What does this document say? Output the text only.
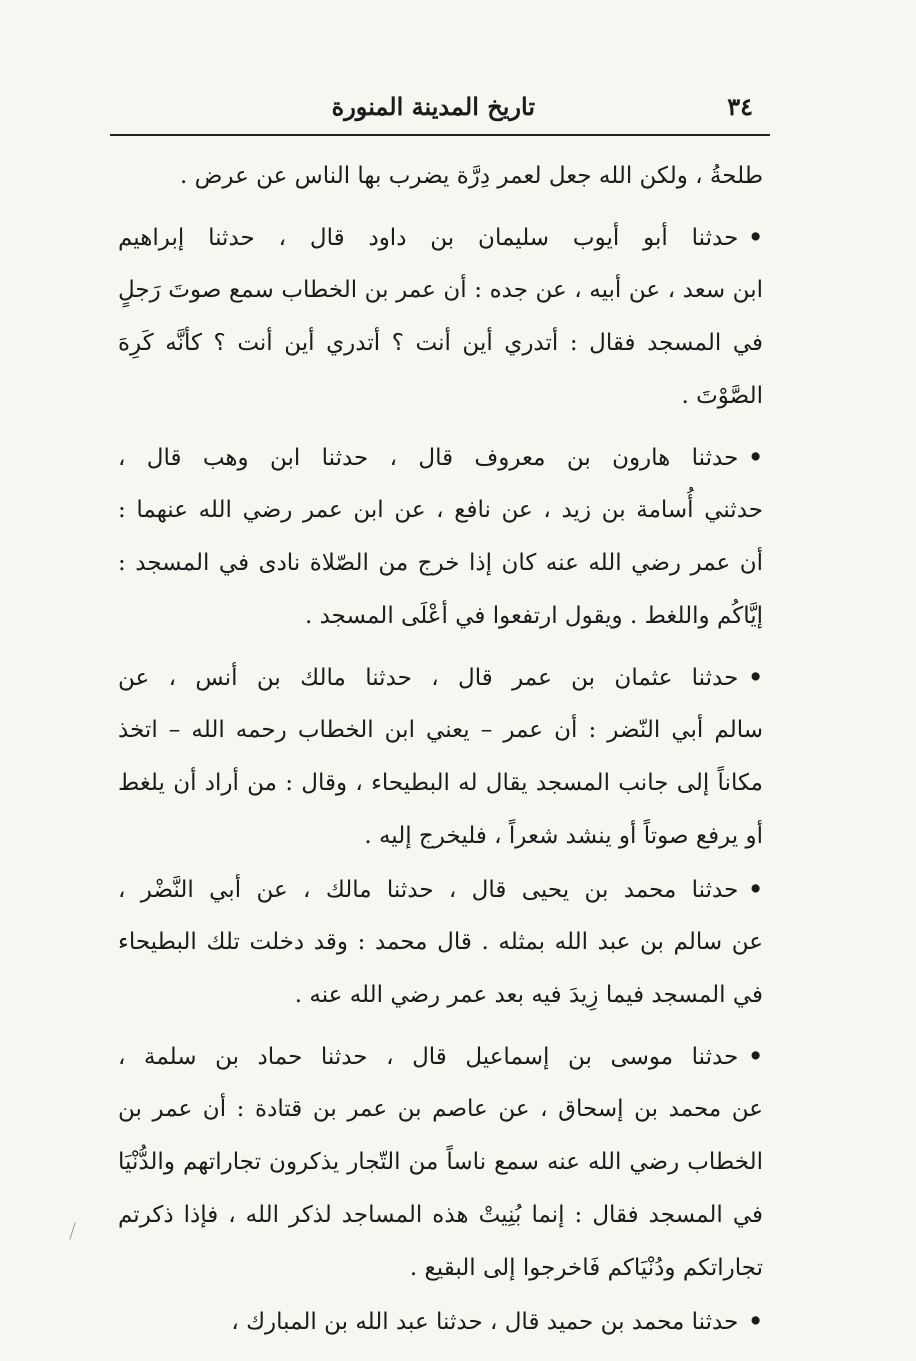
٣٤
تاريخ المدينة المنورة
طلحةُ ، ولكن الله جعل لعمر دِرَّة يضرب بها الناس عن عرض .
•حدثنا أبو أيوب سليمان بن داود قال ، حدثنا إبراهيم
ابن سعد ، عن أبيه ، عن جده : أن عمر بن الخطاب سمع صوتَ رَجلٍ
في المسجد فقال : أتدري أين أنت ؟ أتدري أين أنت ؟ كأنَّه كَرِهَ
الصَّوْتَ .
•حدثنا هارون بن معروف قال ، حدثنا ابن وهب قال ،
حدثني أُسامة بن زيد ، عن نافع ، عن ابن عمر رضي الله عنهما :
أن عمر رضي الله عنه كان إذا خرج من الصّلاة نادى في المسجد :
إيَّاكُم واللغط . ويقول ارتفعوا في أعْلَى المسجد .
•حدثنا عثمان بن عمر قال ، حدثنا مالك بن أنس ، عن
سالم أبي النّضر : أن عمر – يعني ابن الخطاب رحمه الله – اتخذ
مكاناً إلى جانب المسجد يقال له البطيحاء ، وقال : من أراد أن يلغط
أو يرفع صوتاً أو ينشد شعراً ، فليخرج إليه .
•حدثنا محمد بن يحيى قال ، حدثنا مالك ، عن أبي النَّضْر ،
عن سالم بن عبد الله بمثله . قال محمد : وقد دخلت تلك البطيحاء
في المسجد فيما زِيدَ فيه بعد عمر رضي الله عنه .
•حدثنا موسى بن إسماعيل قال ، حدثنا حماد بن سلمة ،
عن محمد بن إسحاق ، عن عاصم بن عمر بن قتادة : أن عمر بن
الخطاب رضي الله عنه سمع ناساً من التّجار يذكرون تجاراتهم والدُّنْيَا
في المسجد فقال : إنما بُنِيتْ هذه المساجد لذكر الله ، فإذا ذكرتم
تجاراتكم ودُنْيَاكم فَاخرجوا إلى البقيع .
•حدثنا محمد بن حميد قال ، حدثنا عبد الله بن المبارك ،
